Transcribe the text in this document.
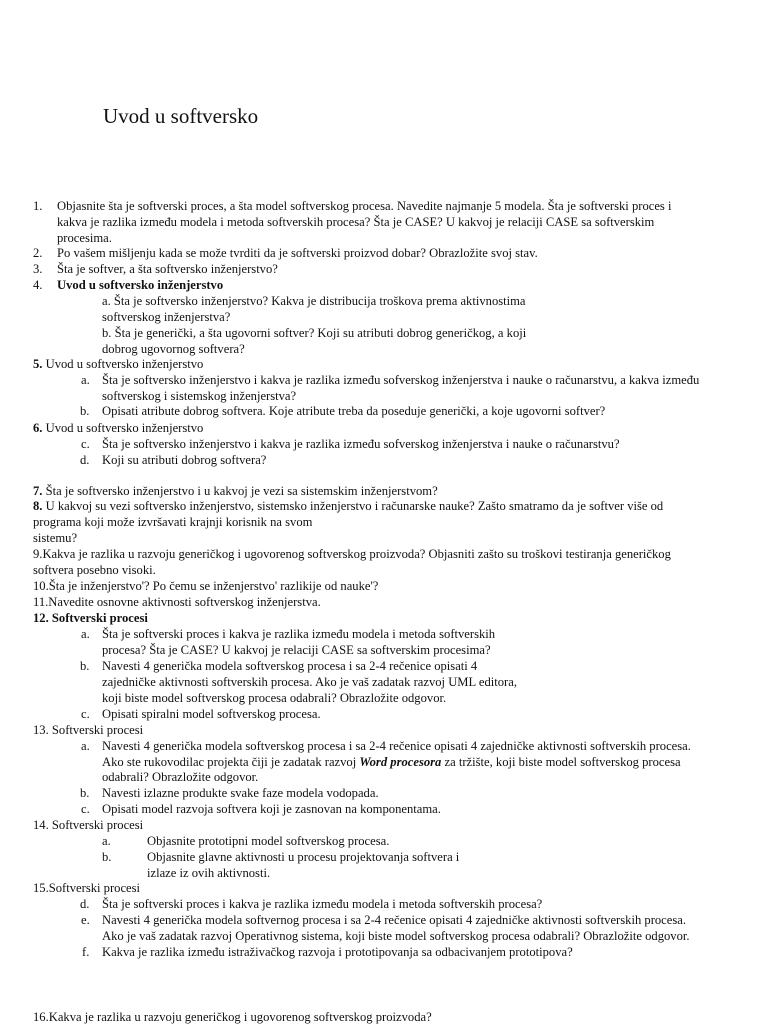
Uvod u softversko
1. Objasnite šta je softverski proces, a šta model softverskog procesa. Navedite najmanje 5 modela. Šta je softverski proces i
kakva je razlika između modela i metoda softverskih procesa? Šta je CASE? U kakvoj je relaciji CASE sa softverskim
procesima.
2. Po vašem mišljenju kada se može tvrditi da je softverski proizvod dobar? Obrazložite svoj stav.
3. Šta je softver, a šta softversko inženjerstvo?
4. Uvod u softversko inženjerstvo
a. Šta je softversko inženjerstvo? Kakva je distribucija troškova prema aktivnostima
softverskog inženjerstva?
b. Šta je generički, a šta ugovorni softver? Koji su atributi dobrog generičkog, a koji
dobrog ugovornog softvera?
5. Uvod u softversko inženjerstvo
a. Šta je softversko inženjerstvo i kakva je razlika između sofverskog inženjerstva i nauke o računarstvu, a kakva između
softverskog i sistemskog inženjerstva?
b. Opisati atribute dobrog softvera. Koje atribute treba da poseduje generički, a koje ugovorni softver?
6. Uvod u softversko inženjerstvo
c. Šta je softversko inženjerstvo i kakva je razlika između sofverskog inženjerstva i nauke o računarstvu?
d. Koji su atributi dobrog softvera?
7. Šta je softversko inženjerstvo i u kakvoj je vezi sa sistemskim inženjerstvom?
8. U kakvoj su vezi softversko inženjerstvo, sistemsko inženjerstvo i računarske nauke? Zašto smatramo da je softver više od
programa koji može izvršavati krajnji korisnik na svom
sistemu?
9.Kakva je razlika u razvoju generičkog i ugovorenog softverskog proizvoda? Objasniti zašto su troškovi testiranja generičkog
softvera posebno visoki.
10.Šta je inženjerstvo'? Po čemu se inženjerstvo' razlikije od nauke'?
11.Navedite osnovne aktivnosti softverskog inženjerstva.
12. Softverski procesi
a. Šta je softverski proces i kakva je razlika između modela i metoda softverskih
procesa? Šta je CASE? U kakvoj je relaciji CASE sa softverskim procesima?
b. Navesti 4 generička modela softverskog procesa i sa 2-4 rečenice opisati 4
zajedničke aktivnosti softverskih procesa. Ako je vaš zadatak razvoj UML editora,
koji biste model softverskog procesa odabrali? Obrazložite odgovor.
c. Opisati spiralni model softverskog procesa.
13. Softverski procesi
a. Navesti 4 generička modela softverskog procesa i sa 2-4 rečenice opisati 4 zajedničke aktivnosti softverskih procesa.
Ako ste rukovodilac projekta čiji je zadatak razvoj Word procesora za tržište, koji biste model softverskog procesa
odabrali? Obrazložite odgovor.
b. Navesti izlazne produkte svake faze modela vodopada.
c. Opisati model razvoja softvera koji je zasnovan na komponentama.
14. Softverski procesi
a.	Objasnite prototipni model softverskog procesa.
b.	Objasnite glavne aktivnosti u procesu projektovanja softvera i
izlaze iz ovih aktivnosti.
15.Softverski procesi
d. Šta je softverski proces i kakva je razlika između modela i metoda softverskih procesa?
e. Navesti 4 generička modela softvernog procesa i sa 2-4 rečenice opisati 4 zajedničke aktivnosti softverskih procesa.
Ako je vaš zadatak razvoj Operativnog sistema, koji biste model softverskog procesa odabrali? Obrazložite odgovor.
f. Kakva je razlika između istraživačkog razvoja i prototipovanja sa odbacivanjem prototipova?
16.Kakva je razlika u razvoju generičkog i ugovorenog softverskog proizvoda?
